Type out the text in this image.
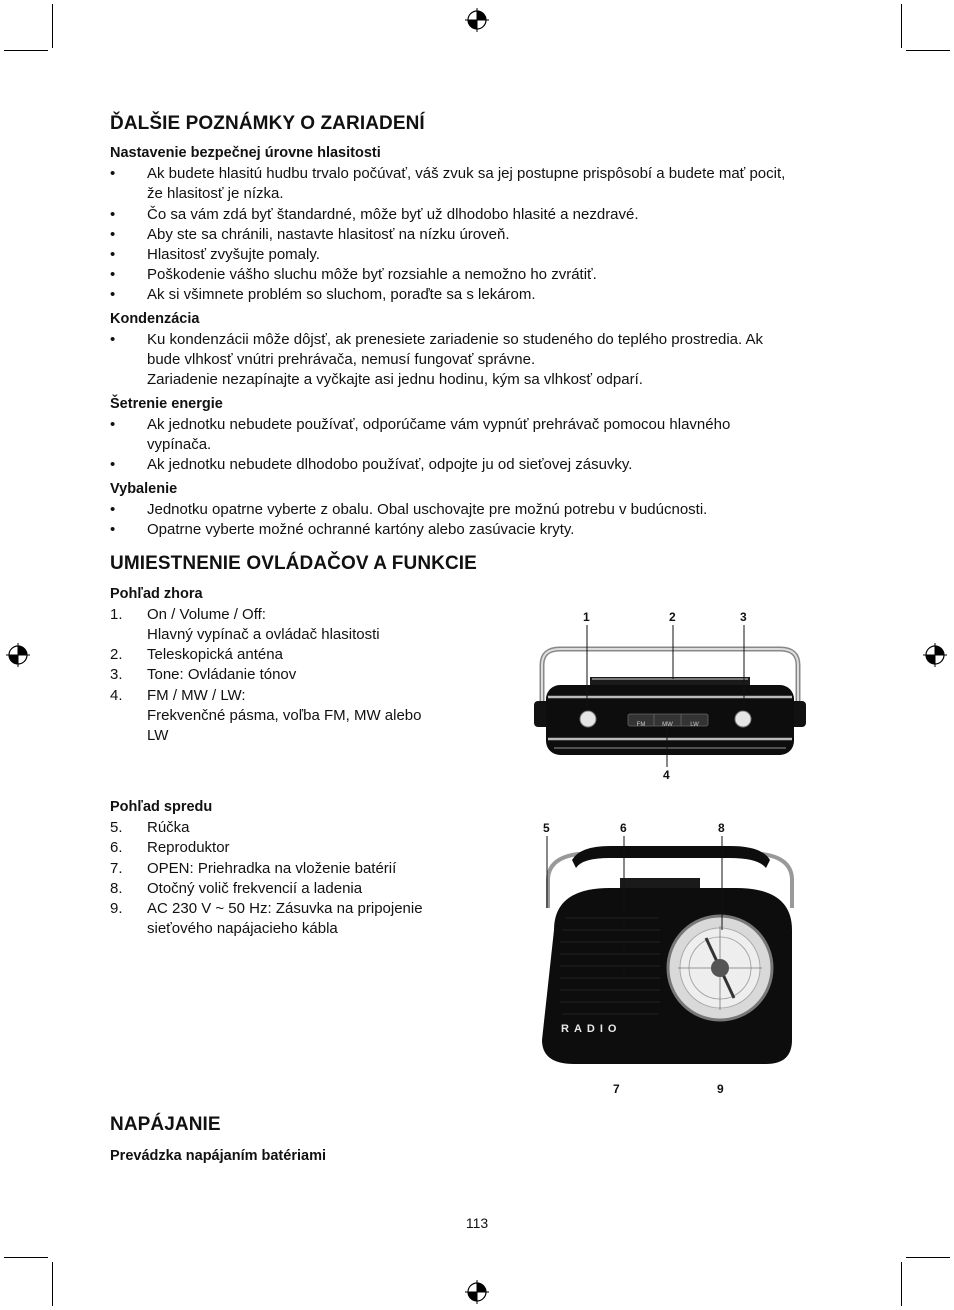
ĎALŠIE POZNÁMKY O ZARIADENÍ
Nastavenie bezpečnej úrovne hlasitosti
• Ak budete hlasitú hudbu trvalo počúvať, váš zvuk sa jej postupne prispôsobí a budete mať pocit,
že hlasitosť je nízka.
• Čo sa vám zdá byť štandardné, môže byť už dlhodobo hlasité a nezdravé.
• Aby ste sa chránili, nastavte hlasitosť na nízku úroveň.
• Hlasitosť zvyšujte pomaly.
• Poškodenie vášho sluchu môže byť rozsiahle a nemožno ho zvrátiť.
• Ak si všimnete problém so sluchom, poraďte sa s lekárom.
Kondenzácia
• Ku kondenzácii môže dôjsť, ak prenesiete zariadenie so studeného do teplého prostredia. Ak
bude vlhkosť vnútri prehrávača, nemusí fungovať správne.
Zariadenie nezapínajte a vyčkajte asi jednu hodinu, kým sa vlhkosť odparí.
Šetrenie energie
• Ak jednotku nebudete používať, odporúčame vám vypnúť prehrávač pomocou hlavného
vypínača.
• Ak jednotku nebudete dlhodobo používať, odpojte ju od sieťovej zásuvky.
Vybalenie
• Jednotku opatrne vyberte z obalu. Obal uschovajte pre možnú potrebu v budúcnosti.
• Opatrne vyberte možné ochranné kartóny alebo zasúvacie kryty.
UMIESTNENIE OVLÁDAČOV A FUNKCIE
Pohľad zhora
1. On / Volume / Off:
Hlavný vypínač a ovládač hlasitosti
2. Teleskopická anténa
3. Tone: Ovládanie tónov
4. FM / MW / LW:
Frekvenčné pásma, voľba FM, MW alebo
LW
Pohľad spredu
5. Rúčka
6. Reproduktor
7. OPEN: Priehradka na vloženie batérií
8. Otočný volič frekvencií a ladenia
9. AC 230 V ~ 50 Hz: Zásuvka na pripojenie
sieťového napájacieho kábla
FM	MW	LW
1	2	3
4
RADIO
5	6	8
7	9
NAPÁJANIE
Prevádzka napájaním batériami
113
